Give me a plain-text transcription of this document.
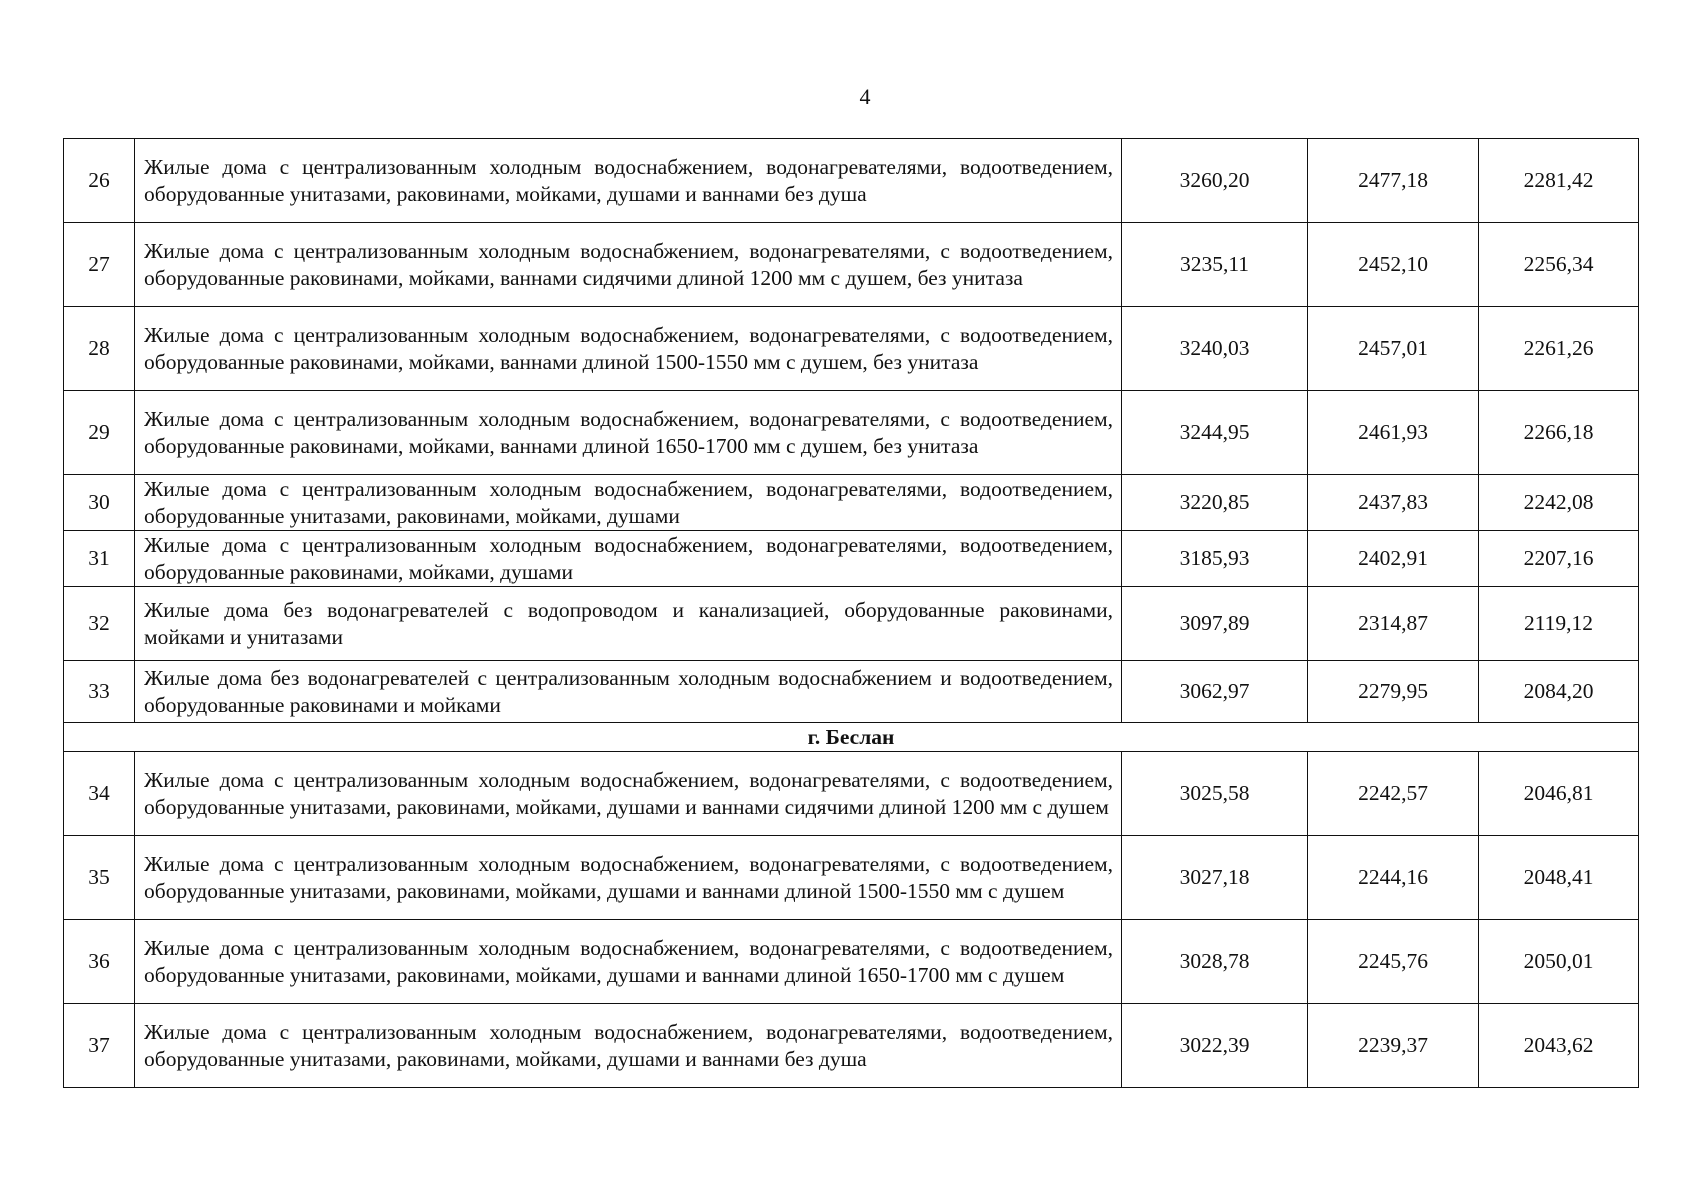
4
26	Жилые дома с централизованным холодным водоснабжением, водонагревателями, водоотведением, оборудованные унитазами, раковинами, мойками, душами и ваннами без душа	3260,20	2477,18	2281,42
27	Жилые дома с централизованным холодным водоснабжением, водонагревателями, с водоотведением, оборудованные раковинами, мойками, ваннами сидячими длиной 1200 мм с душем, без унитаза	3235,11	2452,10	2256,34
28	Жилые дома с централизованным холодным водоснабжением, водонагревателями, с водоотведением, оборудованные раковинами, мойками, ваннами длиной 1500-1550 мм с душем, без унитаза	3240,03	2457,01	2261,26
29	Жилые дома с централизованным холодным водоснабжением, водонагревателями, с водоотведением, оборудованные раковинами, мойками, ваннами длиной 1650-1700 мм с душем, без унитаза	3244,95	2461,93	2266,18
30	Жилые дома с централизованным холодным водоснабжением, водонагревателями, водоотведением, оборудованные унитазами, раковинами, мойками, душами	3220,85	2437,83	2242,08
31	Жилые дома с централизованным холодным водоснабжением, водонагревателями, водоотведением, оборудованные раковинами, мойками, душами	3185,93	2402,91	2207,16
32	Жилые дома без водонагревателей с водопроводом и канализацией, оборудованные раковинами, мойками и унитазами	3097,89	2314,87	2119,12
33	Жилые дома без водонагревателей с централизованным холодным водоснабжением и водоотведением, оборудованные раковинами и мойками	3062,97	2279,95	2084,20
г. Беслан				
34	Жилые дома с централизованным холодным водоснабжением, водонагревателями, с водоотведением, оборудованные унитазами, раковинами, мойками, душами и ваннами сидячими длиной 1200 мм с душем	3025,58	2242,57	2046,81
35	Жилые дома с централизованным холодным водоснабжением, водонагревателями, с водоотведением, оборудованные унитазами, раковинами, мойками, душами и ваннами длиной 1500-1550 мм с душем	3027,18	2244,16	2048,41
36	Жилые дома с централизованным холодным водоснабжением, водонагревателями, с водоотведением, оборудованные унитазами, раковинами, мойками, душами и ваннами длиной 1650-1700 мм с душем	3028,78	2245,76	2050,01
37	Жилые дома с централизованным холодным водоснабжением, водонагревателями, водоотведением, оборудованные унитазами, раковинами, мойками, душами и ваннами без душа	3022,39	2239,37	2043,62
